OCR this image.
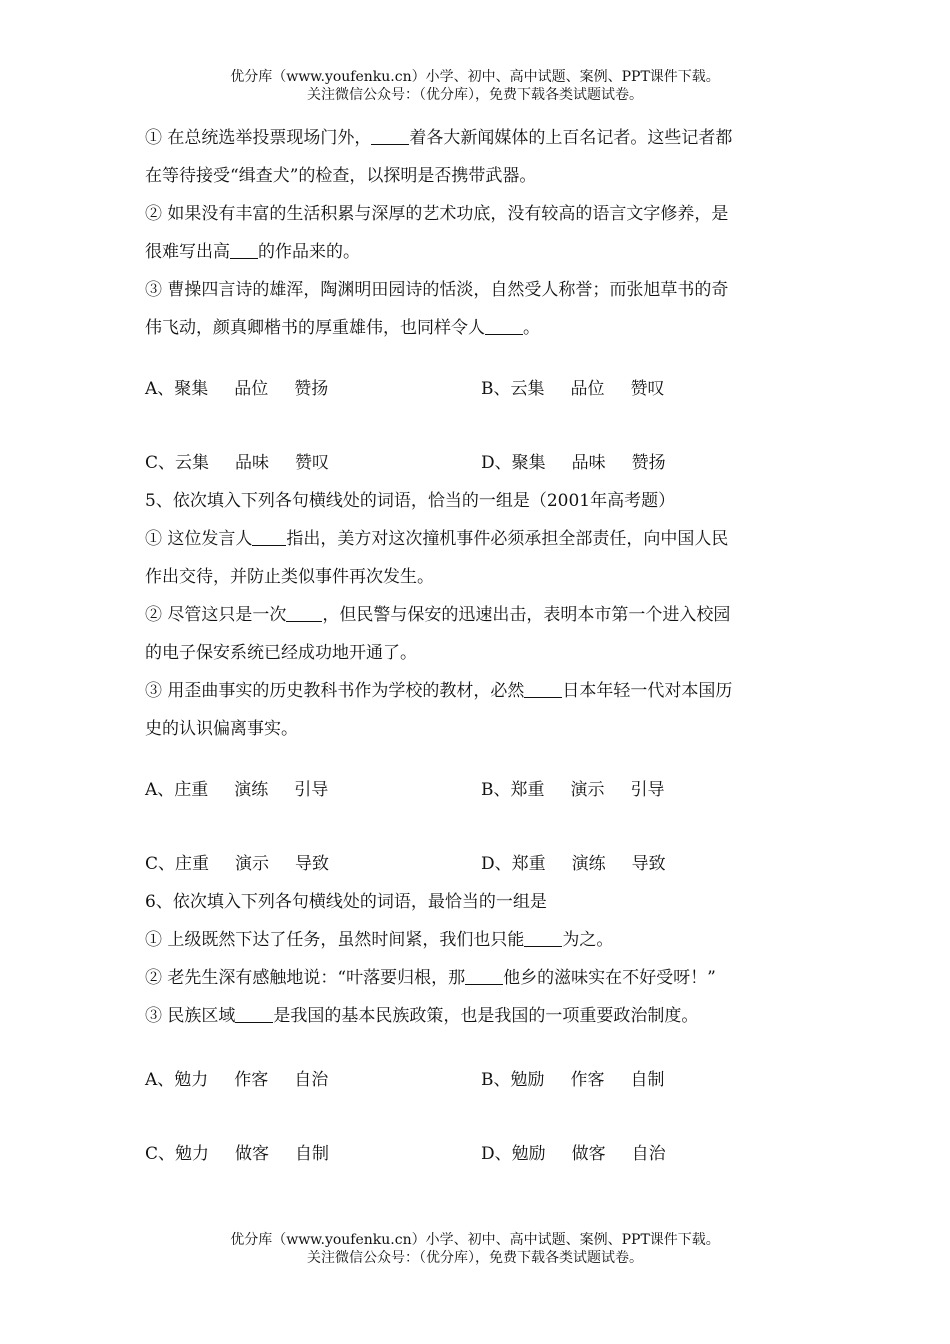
优分库（www.youfenku.cn）小学、初中、高中试题、案例、PPT课件下载。
关注微信公众号：（优分库），免费下载各类试题试卷。
① 在总统选举投票现场门外， 着各大新闻媒体的上百名记者。这些记者都
在等待接受“缉查犬”的检查，以探明是否携带武器。
② 如果没有丰富的生活积累与深厚的艺术功底，没有较高的语言文字修养，是
很难写出高 的作品来的。
③ 曹操四言诗的雄浑，陶渊明田园诗的恬淡，自然受人称誉；而张旭草书的奇
伟飞动，颜真卿楷书的厚重雄伟，也同样令人 。
A、聚集 品位 赞扬	B、云集 品位 赞叹
C、云集 品味 赞叹	D、聚集 品味 赞扬
5、依次填入下列各句横线处的词语，恰当的一组是（2001年高考题）
① 这位发言人 指出，美方对这次撞机事件必须承担全部责任，向中国人民
作出交待，并防止类似事件再次发生。
② 尽管这只是一次 ，但民警与保安的迅速出击，表明本市第一个进入校园
的电子保安系统已经成功地开通了。
③ 用歪曲事实的历史教科书作为学校的教材，必然 日本年轻一代对本国历
史的认识偏离事实。
A、庄重 演练 引导	B、郑重 演示 引导
C、庄重 演示 导致	D、郑重 演练 导致
6、依次填入下列各句横线处的词语，最恰当的一组是
① 上级既然下达了任务，虽然时间紧，我们也只能 为之。
② 老先生深有感触地说：“叶落要归根，那 他乡的滋味实在不好受呀！”
③ 民族区域 是我国的基本民族政策，也是我国的一项重要政治制度。
A、勉力 作客 自治	B、勉励 作客 自制
C、勉力 做客 自制	D、勉励 做客 自治
优分库（www.youfenku.cn）小学、初中、高中试题、案例、PPT课件下载。
关注微信公众号：（优分库），免费下载各类试题试卷。
